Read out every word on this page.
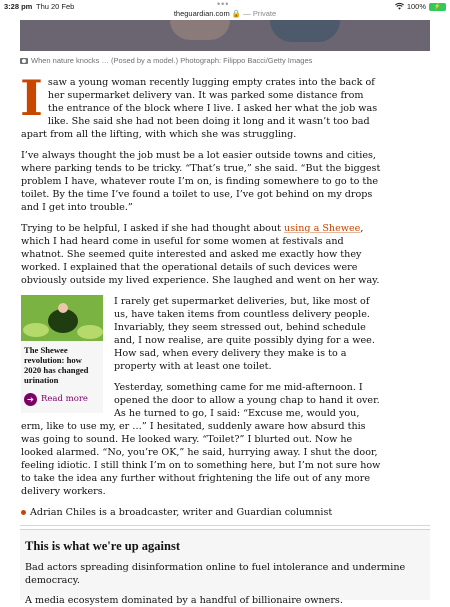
3:28 pm Thu 20 Feb	•••	100%	⚡
theguardian.com 🔒 — Private
When nature knocks … (Posed by a model.) Photograph: Filippo Bacci/Getty Images

I saw a young woman recently lugging empty crates into the back of her supermarket delivery van. It was parked some distance from the entrance of the block where I live. I asked her what the job was like. She said she had not been doing it long and it wasn’t too bad apart from all the lifting, with which she was struggling.

I’ve always thought the job must be a lot easier outside towns and cities, where parking tends to be tricky. “That’s true,” she said. “But the biggest problem I have, whatever route I’m on, is finding somewhere to go to the toilet. By the time I’ve found a toilet to use, I’ve got behind on my drops and I get into trouble.”

Trying to be helpful, I asked if she had thought about using a Shewee, which I had heard come in useful for some women at festivals and whatnot. She seemed quite interested and asked me exactly how they worked. I explained that the operational details of such devices were obviously outside my lived experience. She laughed and went on her way.

The Shewee revolution: how 2020 has changed urination
➔ Read more

I rarely get supermarket deliveries, but, like most of us, have taken items from countless delivery people. Invariably, they seem stressed out, behind schedule and, I now realise, are quite possibly dying for a wee. How sad, when every delivery they make is to a property with at least one toilet.

Yesterday, something came for me mid-afternoon. I opened the door to allow a young chap to hand it over. As he turned to go, I said: “Excuse me, would you, erm, like to use my, er …” I hesitated, suddenly aware how absurd this was going to sound. He looked wary. “Toilet?” I blurted out. Now he looked alarmed. “No, you’re OK,” he said, hurrying away. I shut the door, feeling idiotic. I still think I’m on to something here, but I’m not sure how to take the idea any further without frightening the life out of any more delivery workers.

Adrian Chiles is a broadcaster, writer and Guardian columnist

This is what we're up against

Bad actors spreading disinformation online to fuel intolerance and undermine democracy.

A media ecosystem dominated by a handful of billionaire owners.
